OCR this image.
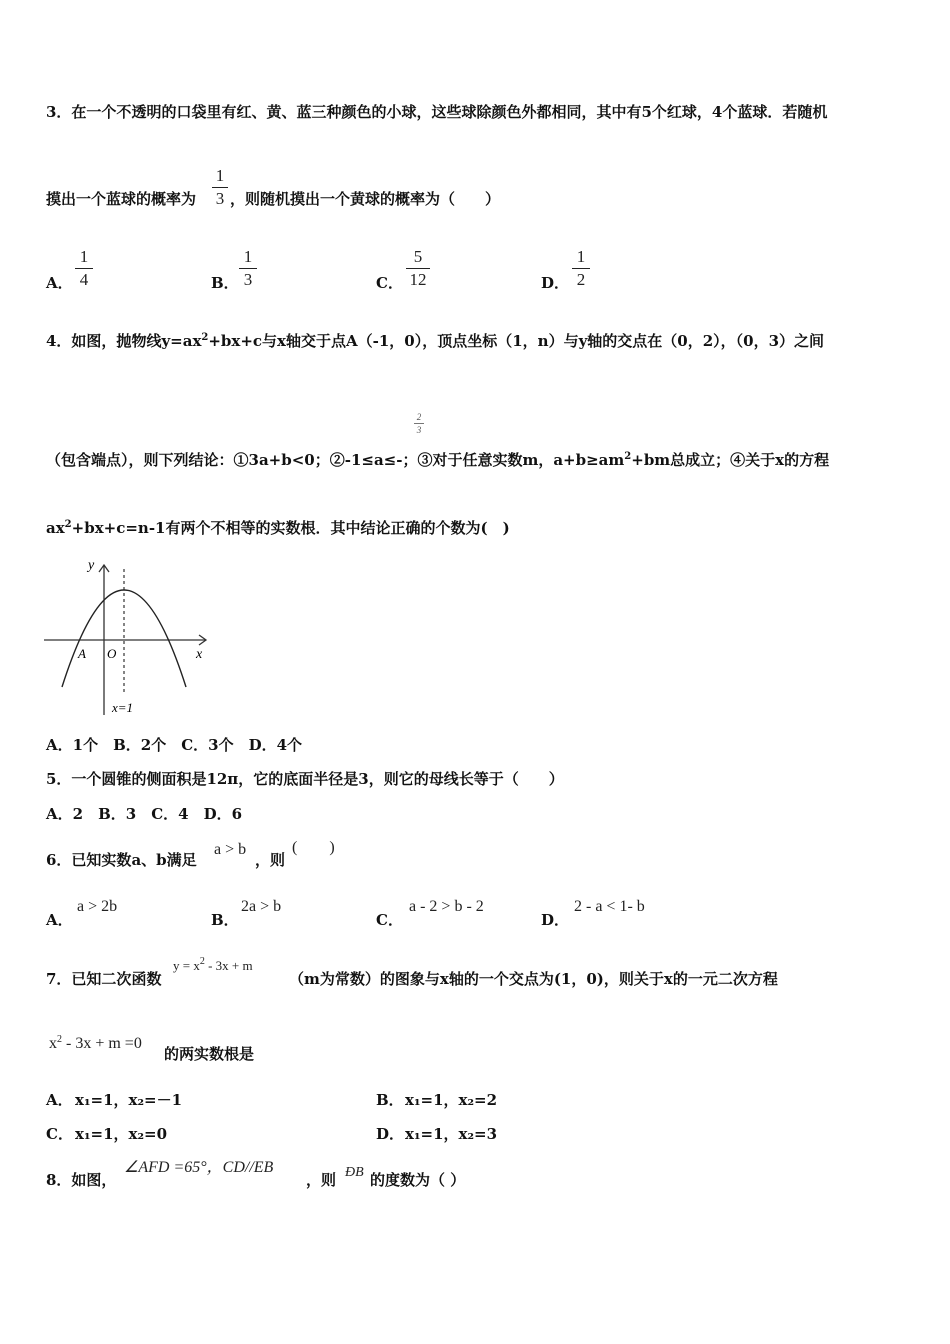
3．在一个不透明的口袋里有红、黄、蓝三种颜色的小球，这些球除颜色外都相同，其中有5个红球，4个蓝球．若随机
摸出一个蓝球的概率为
1
3 ，则随机摸出一个黄球的概率为（　　）
A．
1
4	B．
1
3	C．
5
12	D．
1
2
4．如图，抛物线$y=ax^2+bx+c$与x轴交于点A（-1，0），顶点坐标（1，n）与y轴的交点在（0，2），（0，3）之间
2
3
（包含端点），则下列结论：①3a+b<0；②-1≤a≤-；③对于任意实数m，$a+b\ge am^2+bm$总成立；④关于x的方程
$ax^2+bx+c=n-1$有两个不相等的实数根．其中结论正确的个数为(　)
y
x
A O
x=1
A．1个　B．2个　C．3个　D．4个
5．一个圆锥的侧面积是12π，它的底面半径是3，则它的母线长等于（　　）
A．2　B．3　C．4　D．6
6．已知实数a、b满足
a > b
，则
(　　)
A．
a > 2b
B．
2a > b
C．
a - 2 > b - 2
D．
2 - a < 1- b
7．已知二次函数
$y = x^2 - 3x + m$
（m为常数）的图象与x轴的一个交点为(1，0)，则关于x的一元二次方程
$x^2 - 3x + m =0$
的两实数根是
A． x₁=1，x₂=－1	B． x₁=1，x₂=2
C． x₁=1，x₂=0	D． x₁=1，x₂=3
8．如图，
∠AFD =65°，CD//EB
，则 ÐB 的度数为（ ）
